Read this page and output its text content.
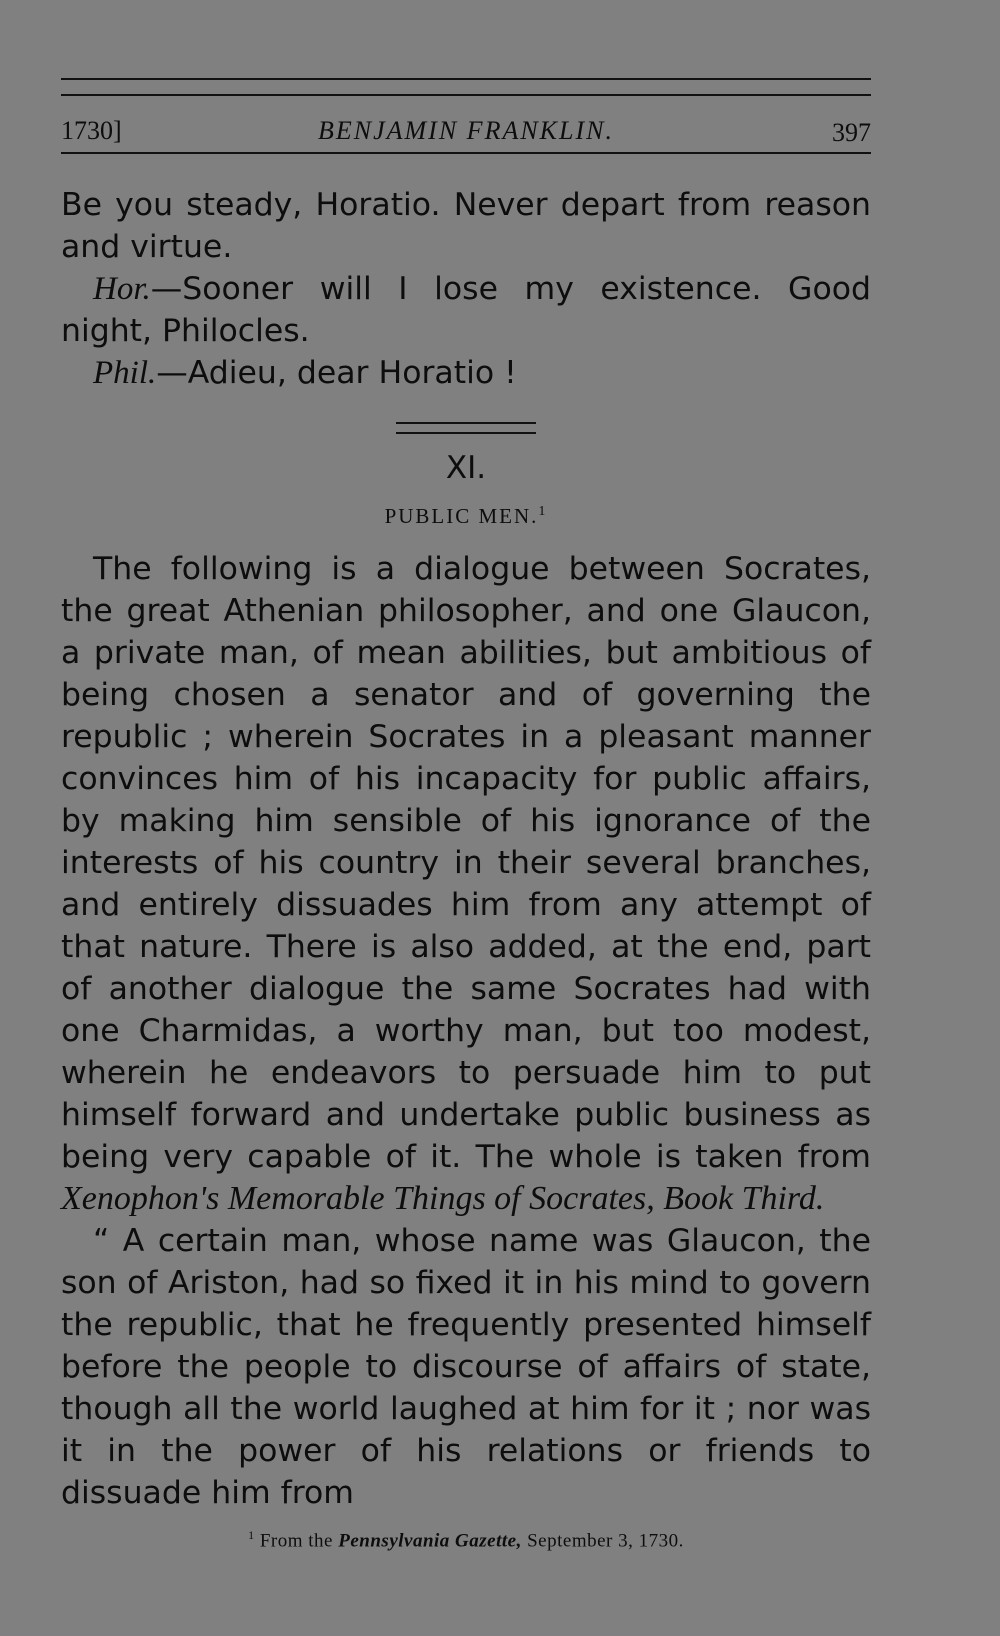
1730]	BENJAMIN FRANKLIN.	397

Be you steady, Horatio. Never depart from reason and virtue.

Hor.—Sooner will I lose my existence. Good night, Philocles.

Phil.—Adieu, dear Horatio !

XI.
PUBLIC MEN.$^1$

The following is a dialogue between Socrates, the great Athenian philosopher, and one Glaucon, a private man, of mean abilities, but ambitious of being chosen a senator and of governing the republic ; wherein Socrates in a pleasant manner convinces him of his incapacity for public affairs, by making him sensible of his ignorance of the interests of his country in their several branches, and entirely dissuades him from any attempt of that nature. There is also added, at the end, part of another dialogue the same Socrates had with one Charmidas, a worthy man, but too modest, wherein he endeavors to persuade him to put himself forward and undertake public business as being very capable of it. The whole is taken from Xenophon's Memorable Things of Socrates, Book Third.

“ A certain man, whose name was Glaucon, the son of Ariston, had so fixed it in his mind to govern the republic, that he frequently presented himself before the people to discourse of affairs of state, though all the world laughed at him for it ; nor was it in the power of his relations or friends to dissuade him from

$^1$ From the Pennsylvania Gazette, September 3, 1730.
